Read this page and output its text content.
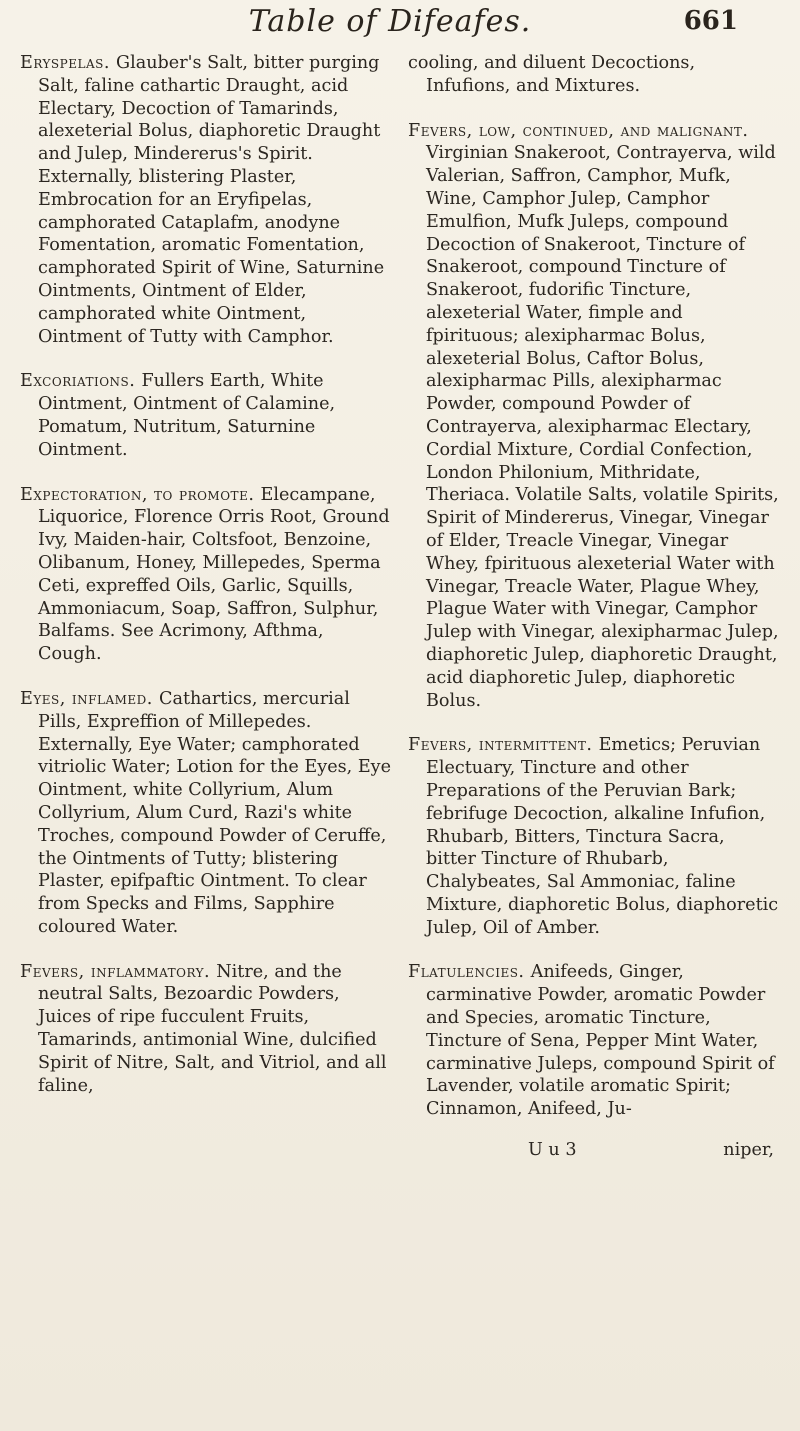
Table of Difeafes.	661

Eryspelas. Glauber's Salt, bitter purging Salt, faline cathartic Draught, acid Electary, Decoction of Tamarinds, alexeterial Bolus, diaphoretic Draught and Julep, Mindererus's Spirit. Externally, blistering Plaster, Embrocation for an Eryfipelas, camphorated Cataplafm, anodyne Fomentation, aromatic Fomentation, camphorated Spirit of Wine, Saturnine Ointments, Ointment of Elder, camphorated white Ointment, Ointment of Tutty with Camphor.

Excoriations. Fullers Earth, White Ointment, Ointment of Calamine, Pomatum, Nutritum, Saturnine Ointment.

Expectoration, to promote. Elecampane, Liquorice, Florence Orris Root, Ground Ivy, Maiden-hair, Coltsfoot, Benzoine, Olibanum, Honey, Millepedes, Sperma Ceti, expreffed Oils, Garlic, Squills, Ammoniacum, Soap, Saffron, Sulphur, Balfams. See Acrimony, Afthma, Cough.

Eyes, inflamed. Cathartics, mercurial Pills, Expreffion of Millepedes. Externally, Eye Water; camphorated vitriolic Water; Lotion for the Eyes, Eye Ointment, white Collyrium, Alum Collyrium, Alum Curd, Razi's white Troches, compound Powder of Ceruffe, the Ointments of Tutty; blistering Plaster, epifpaftic Ointment. To clear from Specks and Films, Sapphire coloured Water.

Fevers, inflammatory. Nitre, and the neutral Salts, Bezoardic Powders, Juices of ripe fucculent Fruits, Tamarinds, antimonial Wine, dulcified Spirit of Nitre, Salt, and Vitriol, and all faline,

cooling, and diluent Decoctions, Infufions, and Mixtures.

Fevers, low, continued, and malignant. Virginian Snakeroot, Contrayerva, wild Valerian, Saffron, Camphor, Mufk, Wine, Camphor Julep, Camphor Emulfion, Mufk Juleps, compound Decoction of Snakeroot, Tincture of Snakeroot, compound Tincture of Snakeroot, fudorific Tincture, alexeterial Water, fimple and fpirituous; alexipharmac Bolus, alexeterial Bolus, Caftor Bolus, alexipharmac Pills, alexipharmac Powder, compound Powder of Contrayerva, alexipharmac Electary, Cordial Mixture, Cordial Confection, London Philonium, Mithridate, Theriaca. Volatile Salts, volatile Spirits, Spirit of Mindererus, Vinegar, Vinegar of Elder, Treacle Vinegar, Vinegar Whey, fpirituous alexeterial Water with Vinegar, Treacle Water, Plague Whey, Plague Water with Vinegar, Camphor Julep with Vinegar, alexipharmac Julep, diaphoretic Julep, diaphoretic Draught, acid diaphoretic Julep, diaphoretic Bolus.

Fevers, intermittent. Emetics; Peruvian Electuary, Tincture and other Preparations of the Peruvian Bark; febrifuge Decoction, alkaline Infufion, Rhubarb, Bitters, Tinctura Sacra, bitter Tincture of Rhubarb, Chalybeates, Sal Ammoniac, faline Mixture, diaphoretic Bolus, diaphoretic Julep, Oil of Amber.

Flatulencies. Anifeeds, Ginger, carminative Powder, aromatic Powder and Species, aromatic Tincture, Tincture of Sena, Pepper Mint Water, carminative Juleps, compound Spirit of Lavender, volatile aromatic Spirit; Cinnamon, Anifeed, Ju-

U u 3	niper,
